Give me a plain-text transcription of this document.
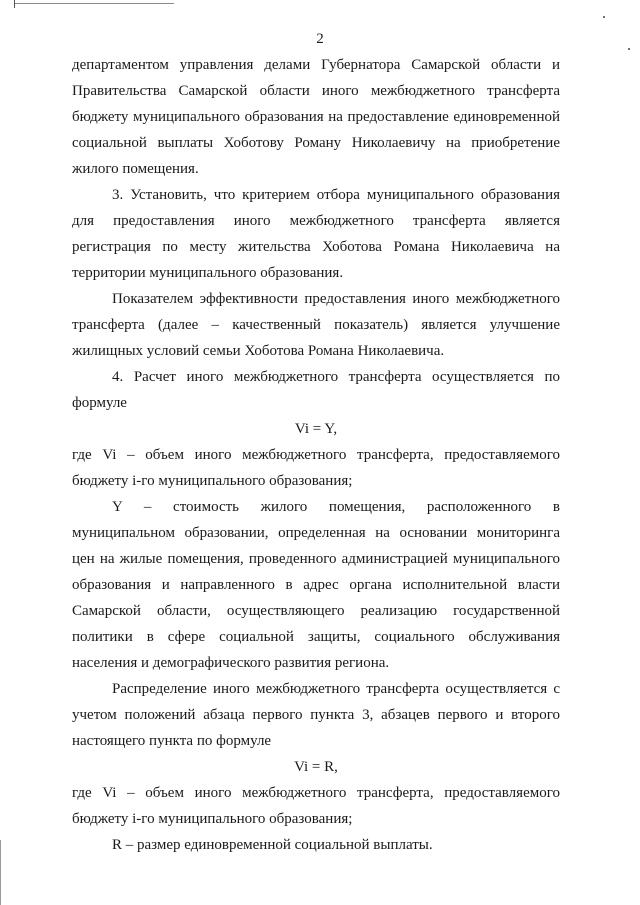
2
департаментом управления делами Губернатора Самарской области и
Правительства Самарской области иного межбюджетного трансферта
бюджету муниципального образования на предоставление единовременной
социальной выплаты Хоботову Роману Николаевичу на приобретение
жилого помещения.
3. Установить, что критерием отбора муниципального образования
для предоставления иного межбюджетного трансферта является
регистрация по месту жительства Хоботова Романа Николаевича на
территории муниципального образования.
Показателем эффективности предоставления иного межбюджетного
трансферта (далее – качественный показатель) является улучшение
жилищных условий семьи Хоботова Романа Николаевича.
4. Расчет иного межбюджетного трансферта осуществляется по
формуле
Vi = Y,
где Vi – объем иного межбюджетного трансферта, предоставляемого
бюджету i-го муниципального образования;
Y – стоимость жилого помещения, расположенного в
муниципальном образовании, определенная на основании мониторинга
цен на жилые помещения, проведенного администрацией муниципального
образования и направленного в адрес органа исполнительной власти
Самарской области, осуществляющего реализацию государственной
политики в сфере социальной защиты, социального обслуживания
населения и демографического развития региона.
Распределение иного межбюджетного трансферта осуществляется с
учетом положений абзаца первого пункта 3, абзацев первого и второго
настоящего пункта по формуле
Vi = R,
где Vi – объем иного межбюджетного трансферта, предоставляемого
бюджету i-го муниципального образования;
R – размер единовременной социальной выплаты.
